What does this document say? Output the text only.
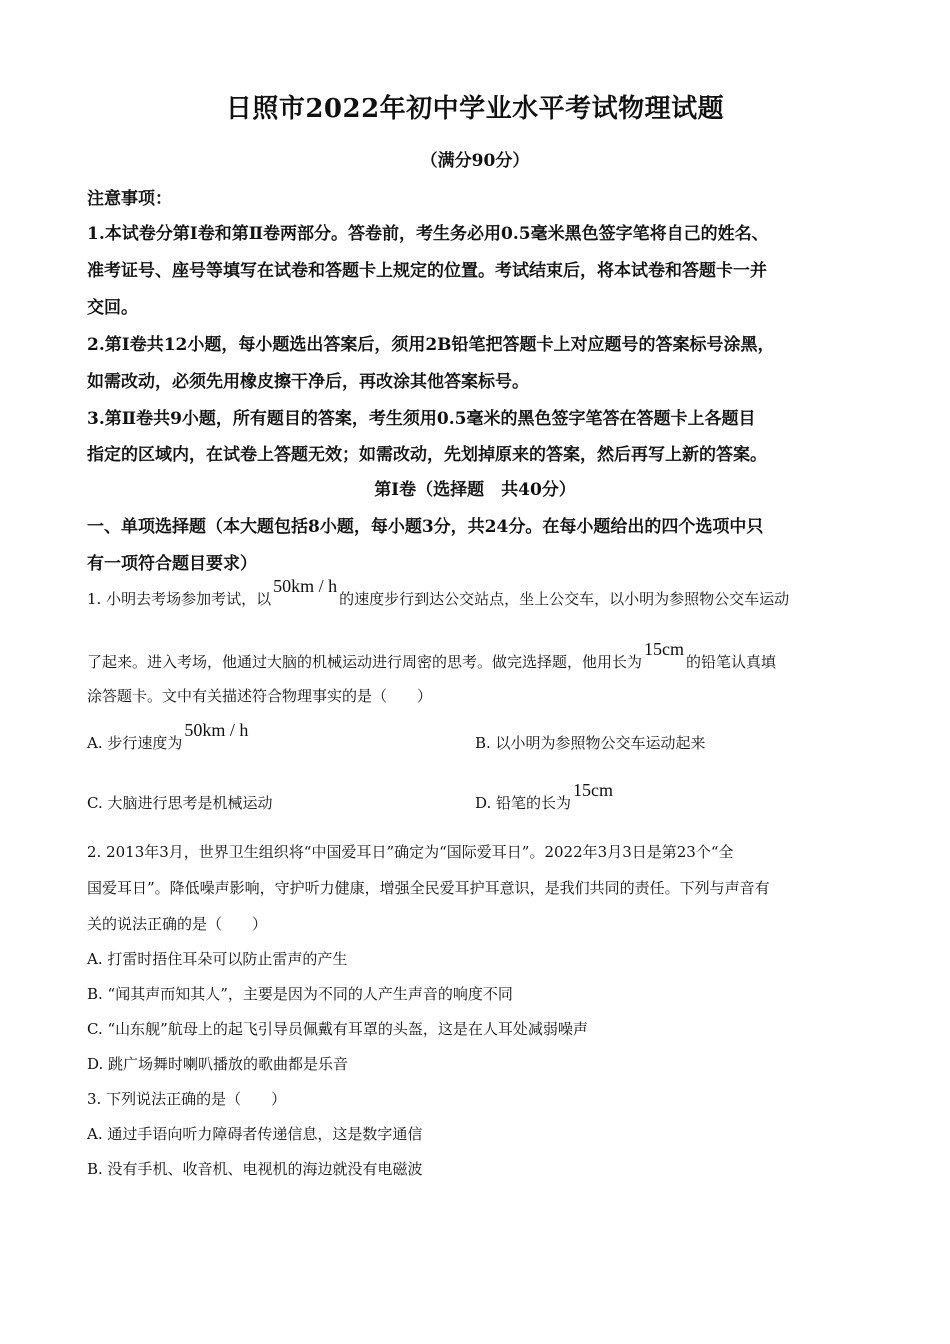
日照市2022年初中学业水平考试物理试题
（满分90分）
注意事项：
1.本试卷分第Ⅰ卷和第Ⅱ卷两部分。答卷前，考生务必用0.5毫米黑色签字笔将自己的姓名、
准考证号、座号等填写在试卷和答题卡上规定的位置。考试结束后，将本试卷和答题卡一并
交回。
2.第Ⅰ卷共12小题，每小题选出答案后，须用2B铅笔把答题卡上对应题号的答案标号涂黑，
如需改动，必须先用橡皮擦干净后，再改涂其他答案标号。
3.第Ⅱ卷共9小题，所有题目的答案，考生须用0.5毫米的黑色签字笔答在答题卡上各题目
指定的区域内，在试卷上答题无效；如需改动，先划掉原来的答案，然后再写上新的答案。
第Ⅰ卷（选择题　共40分）
一、单项选择题（本大题包括8小题，每小题3分，共24分。在每小题给出的四个选项中只
有一项符合题目要求）
1. 小明去考场参加考试，以50km / h的速度步行到达公交站点，坐上公交车，以小明为参照物公交车运动
了起来。进入考场，他通过大脑的机械运动进行周密的思考。做完选择题，他用长为15cm的铅笔认真填
涂答题卡。文中有关描述符合物理事实的是（　　）
A. 步行速度为50km / h
B. 以小明为参照物公交车运动起来
C. 大脑进行思考是机械运动	D. 铅笔的长为15cm
2. 2013年3月，世界卫生组织将“中国爱耳日”确定为“国际爱耳日”。2022年3月3日是第23个“全
国爱耳日”。降低噪声影响，守护听力健康，增强全民爱耳护耳意识，是我们共同的责任。下列与声音有
关的说法正确的是（　　）
A. 打雷时捂住耳朵可以防止雷声的产生
B. “闻其声而知其人”，主要是因为不同的人产生声音的响度不同
C. “山东舰”航母上的起飞引导员佩戴有耳罩的头盔，这是在人耳处减弱噪声
D. 跳广场舞时喇叭播放的歌曲都是乐音
3. 下列说法正确的是（　　）
A. 通过手语向听力障碍者传递信息，这是数字通信
B. 没有手机、收音机、电视机的海边就没有电磁波
